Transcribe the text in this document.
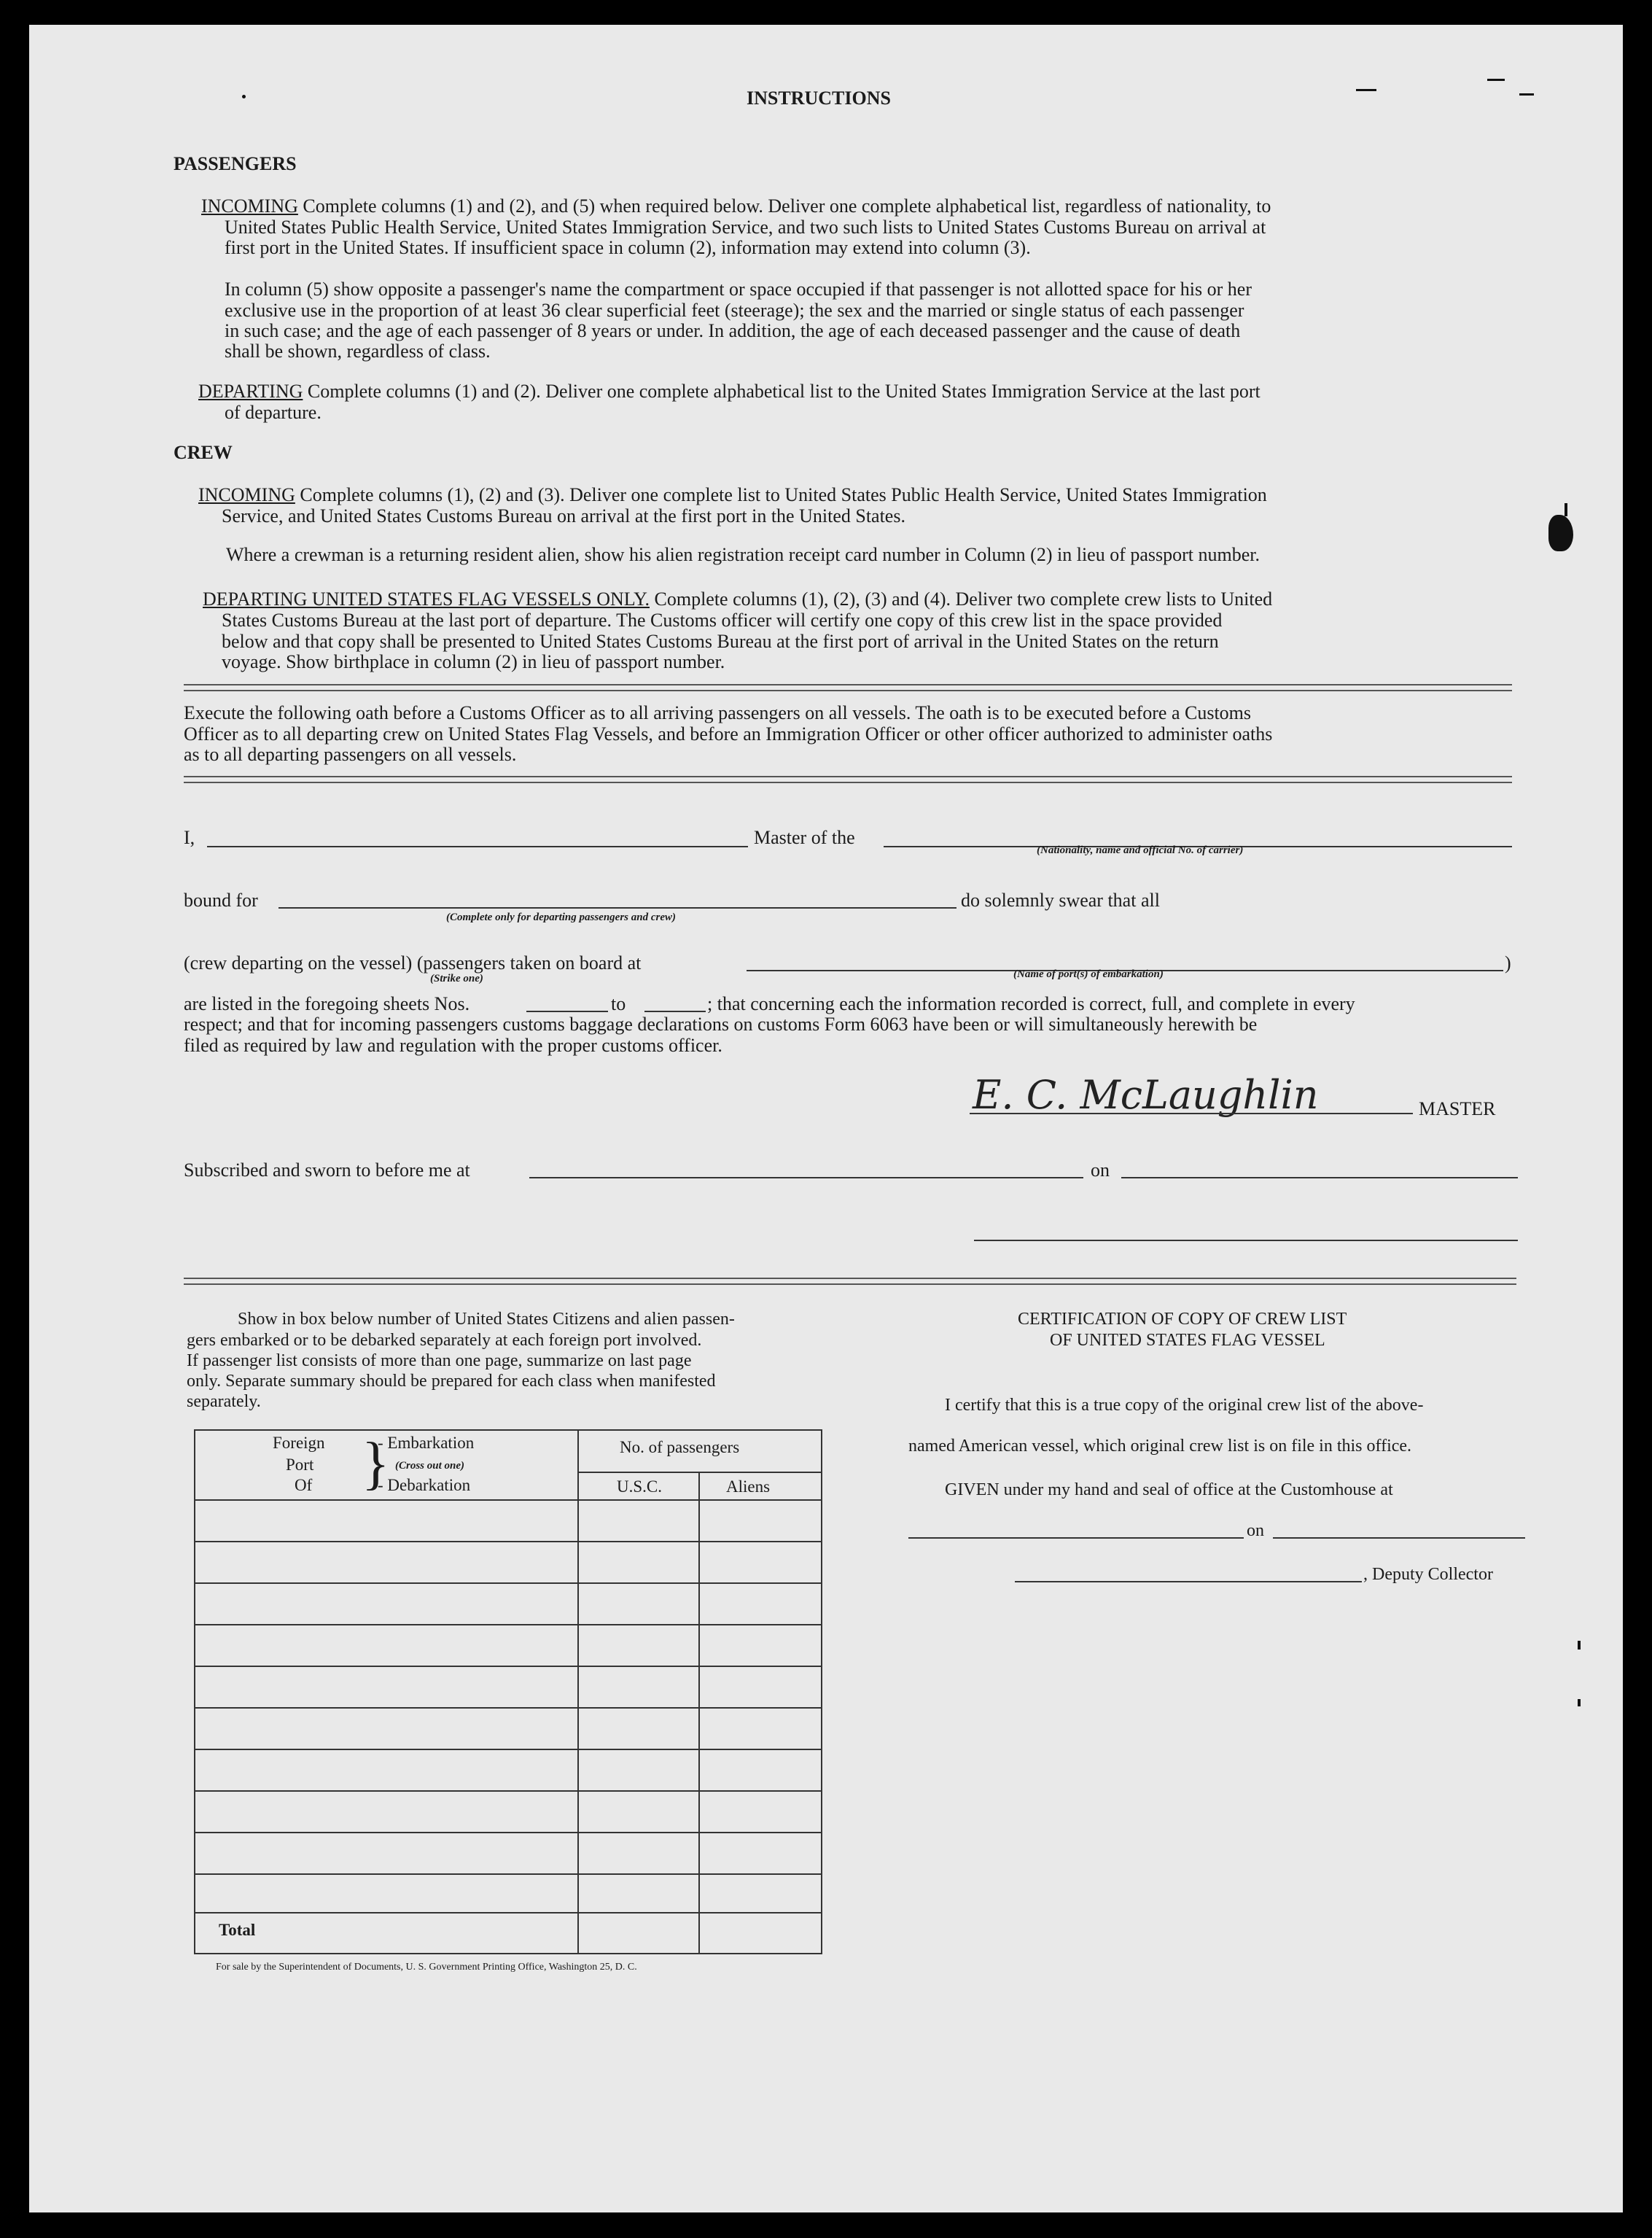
INSTRUCTIONS
PASSENGERS
INCOMING Complete columns (1) and (2), and (5) when required below. Deliver one complete alphabetical list, regardless of nationality, to
United States Public Health Service, United States Immigration Service, and two such lists to United States Customs Bureau on arrival at
first port in the United States. If insufficient space in column (2), information may extend into column (3).
In column (5) show opposite a passenger's name the compartment or space occupied if that passenger is not allotted space for his or her
exclusive use in the proportion of at least 36 clear superficial feet (steerage); the sex and the married or single status of each passenger
in such case; and the age of each passenger of 8 years or under. In addition, the age of each deceased passenger and the cause of death
shall be shown, regardless of class.
DEPARTING Complete columns (1) and (2). Deliver one complete alphabetical list to the United States Immigration Service at the last port
of departure.
CREW
INCOMING Complete columns (1), (2) and (3). Deliver one complete list to United States Public Health Service, United States Immigration
Service, and United States Customs Bureau on arrival at the first port in the United States.
Where a crewman is a returning resident alien, show his alien registration receipt card number in Column (2) in lieu of passport number.
DEPARTING UNITED STATES FLAG VESSELS ONLY. Complete columns (1), (2), (3) and (4). Deliver two complete crew lists to United
States Customs Bureau at the last port of departure. The Customs officer will certify one copy of this crew list in the space provided
below and that copy shall be presented to United States Customs Bureau at the first port of arrival in the United States on the return
voyage. Show birthplace in column (2) in lieu of passport number.
Execute the following oath before a Customs Officer as to all arriving passengers on all vessels. The oath is to be executed before a Customs
Officer as to all departing crew on United States Flag Vessels, and before an Immigration Officer or other officer authorized to administer oaths
as to all departing passengers on all vessels.
I,	Master of the
(Nationality, name and official No. of carrier)
bound for
(Complete only for departing passengers and crew)
do solemnly swear that all
(crew departing on the vessel) (passengers taken on board at
(Strike one)	(Name of port(s) of embarkation)
)
are listed in the foregoing sheets Nos.	to	; that concerning each the information recorded is correct, full, and complete in every
respect; and that for incoming passengers customs baggage declarations on customs Form 6063 have been or will simultaneously herewith be
filed as required by law and regulation with the proper customs officer.
E. C. McLaughlin	MASTER
Subscribed and sworn to before me at	on
Show in box below number of United States Citizens and alien passen-
gers embarked or to be debarked separately at each foreign port involved.
If passenger list consists of more than one page, summarize on last page
only. Separate summary should be prepared for each class when manifested
separately.
Foreign
Port
Of }
- Embarkation
(Cross out one)
- Debarkation
No. of passengers
U.S.C.	Aliens
Total
For sale by the Superintendent of Documents, U. S. Government Printing Office, Washington 25, D. C.
CERTIFICATION OF COPY OF CREW LIST
OF UNITED STATES FLAG VESSEL
I certify that this is a true copy of the original crew list of the above-
named American vessel, which original crew list is on file in this office.
GIVEN under my hand and seal of office at the Customhouse at
on
, Deputy Collector
